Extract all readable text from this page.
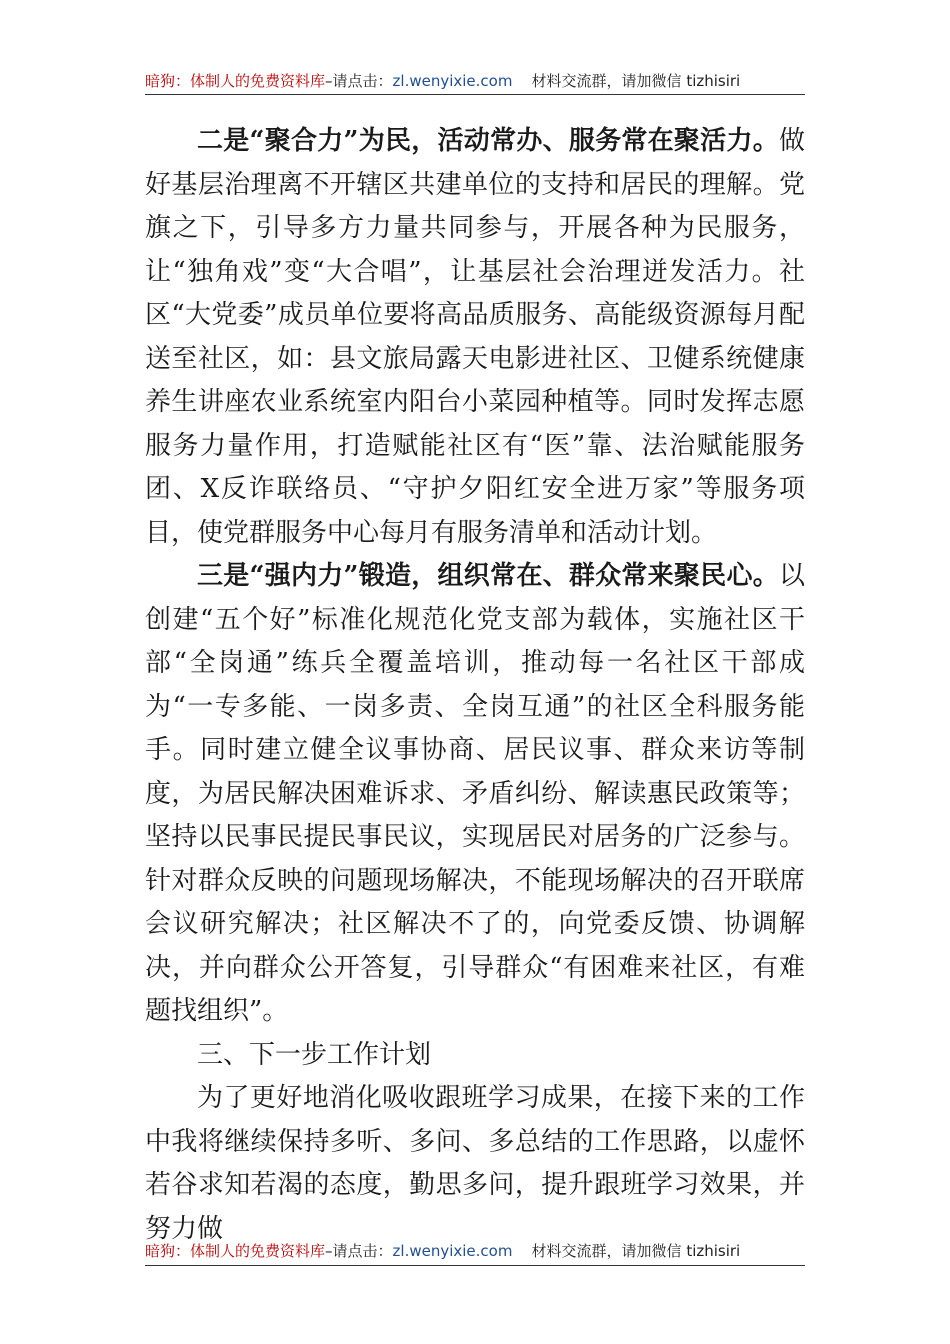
暗狗：体制人的免费资料库–请点击：zl.wenyixie.com 材料交流群，请加微信 tizhisiri

二是“聚合力”为民，活动常办、服务常在聚活力。做好基层治理离不开辖区共建单位的支持和居民的理解。党旗之下，引导多方力量共同参与，开展各种为民服务，让“独角戏”变“大合唱”，让基层社会治理迸发活力。社区“大党委”成员单位要将高品质服务、高能级资源每月配送至社区，如：县文旅局露天电影进社区、卫健系统健康养生讲座农业系统室内阳台小菜园种植等。同时发挥志愿服务力量作用，打造赋能社区有“医”靠、法治赋能服务团、X反诈联络员、“守护夕阳红安全进万家”等服务项目，使党群服务中心每月有服务清单和活动计划。

三是“强内力”锻造，组织常在、群众常来聚民心。以创建“五个好”标准化规范化党支部为载体，实施社区干部“全岗通”练兵全覆盖培训，推动每一名社区干部成为“一专多能、一岗多责、全岗互通”的社区全科服务能手。同时建立健全议事协商、居民议事、群众来访等制度，为居民解决困难诉求、矛盾纠纷、解读惠民政策等；坚持以民事民提民事民议，实现居民对居务的广泛参与。针对群众反映的问题现场解决，不能现场解决的召开联席会议研究解决；社区解决不了的，向党委反馈、协调解决，并向群众公开答复，引导群众“有困难来社区，有难题找组织”。

三、下一步工作计划

为了更好地消化吸收跟班学习成果，在接下来的工作中我将继续保持多听、多问、多总结的工作思路，以虚怀若谷求知若渴的态度，勤思多问，提升跟班学习效果，并努力做

暗狗：体制人的免费资料库–请点击：zl.wenyixie.com 材料交流群，请加微信 tizhisiri
